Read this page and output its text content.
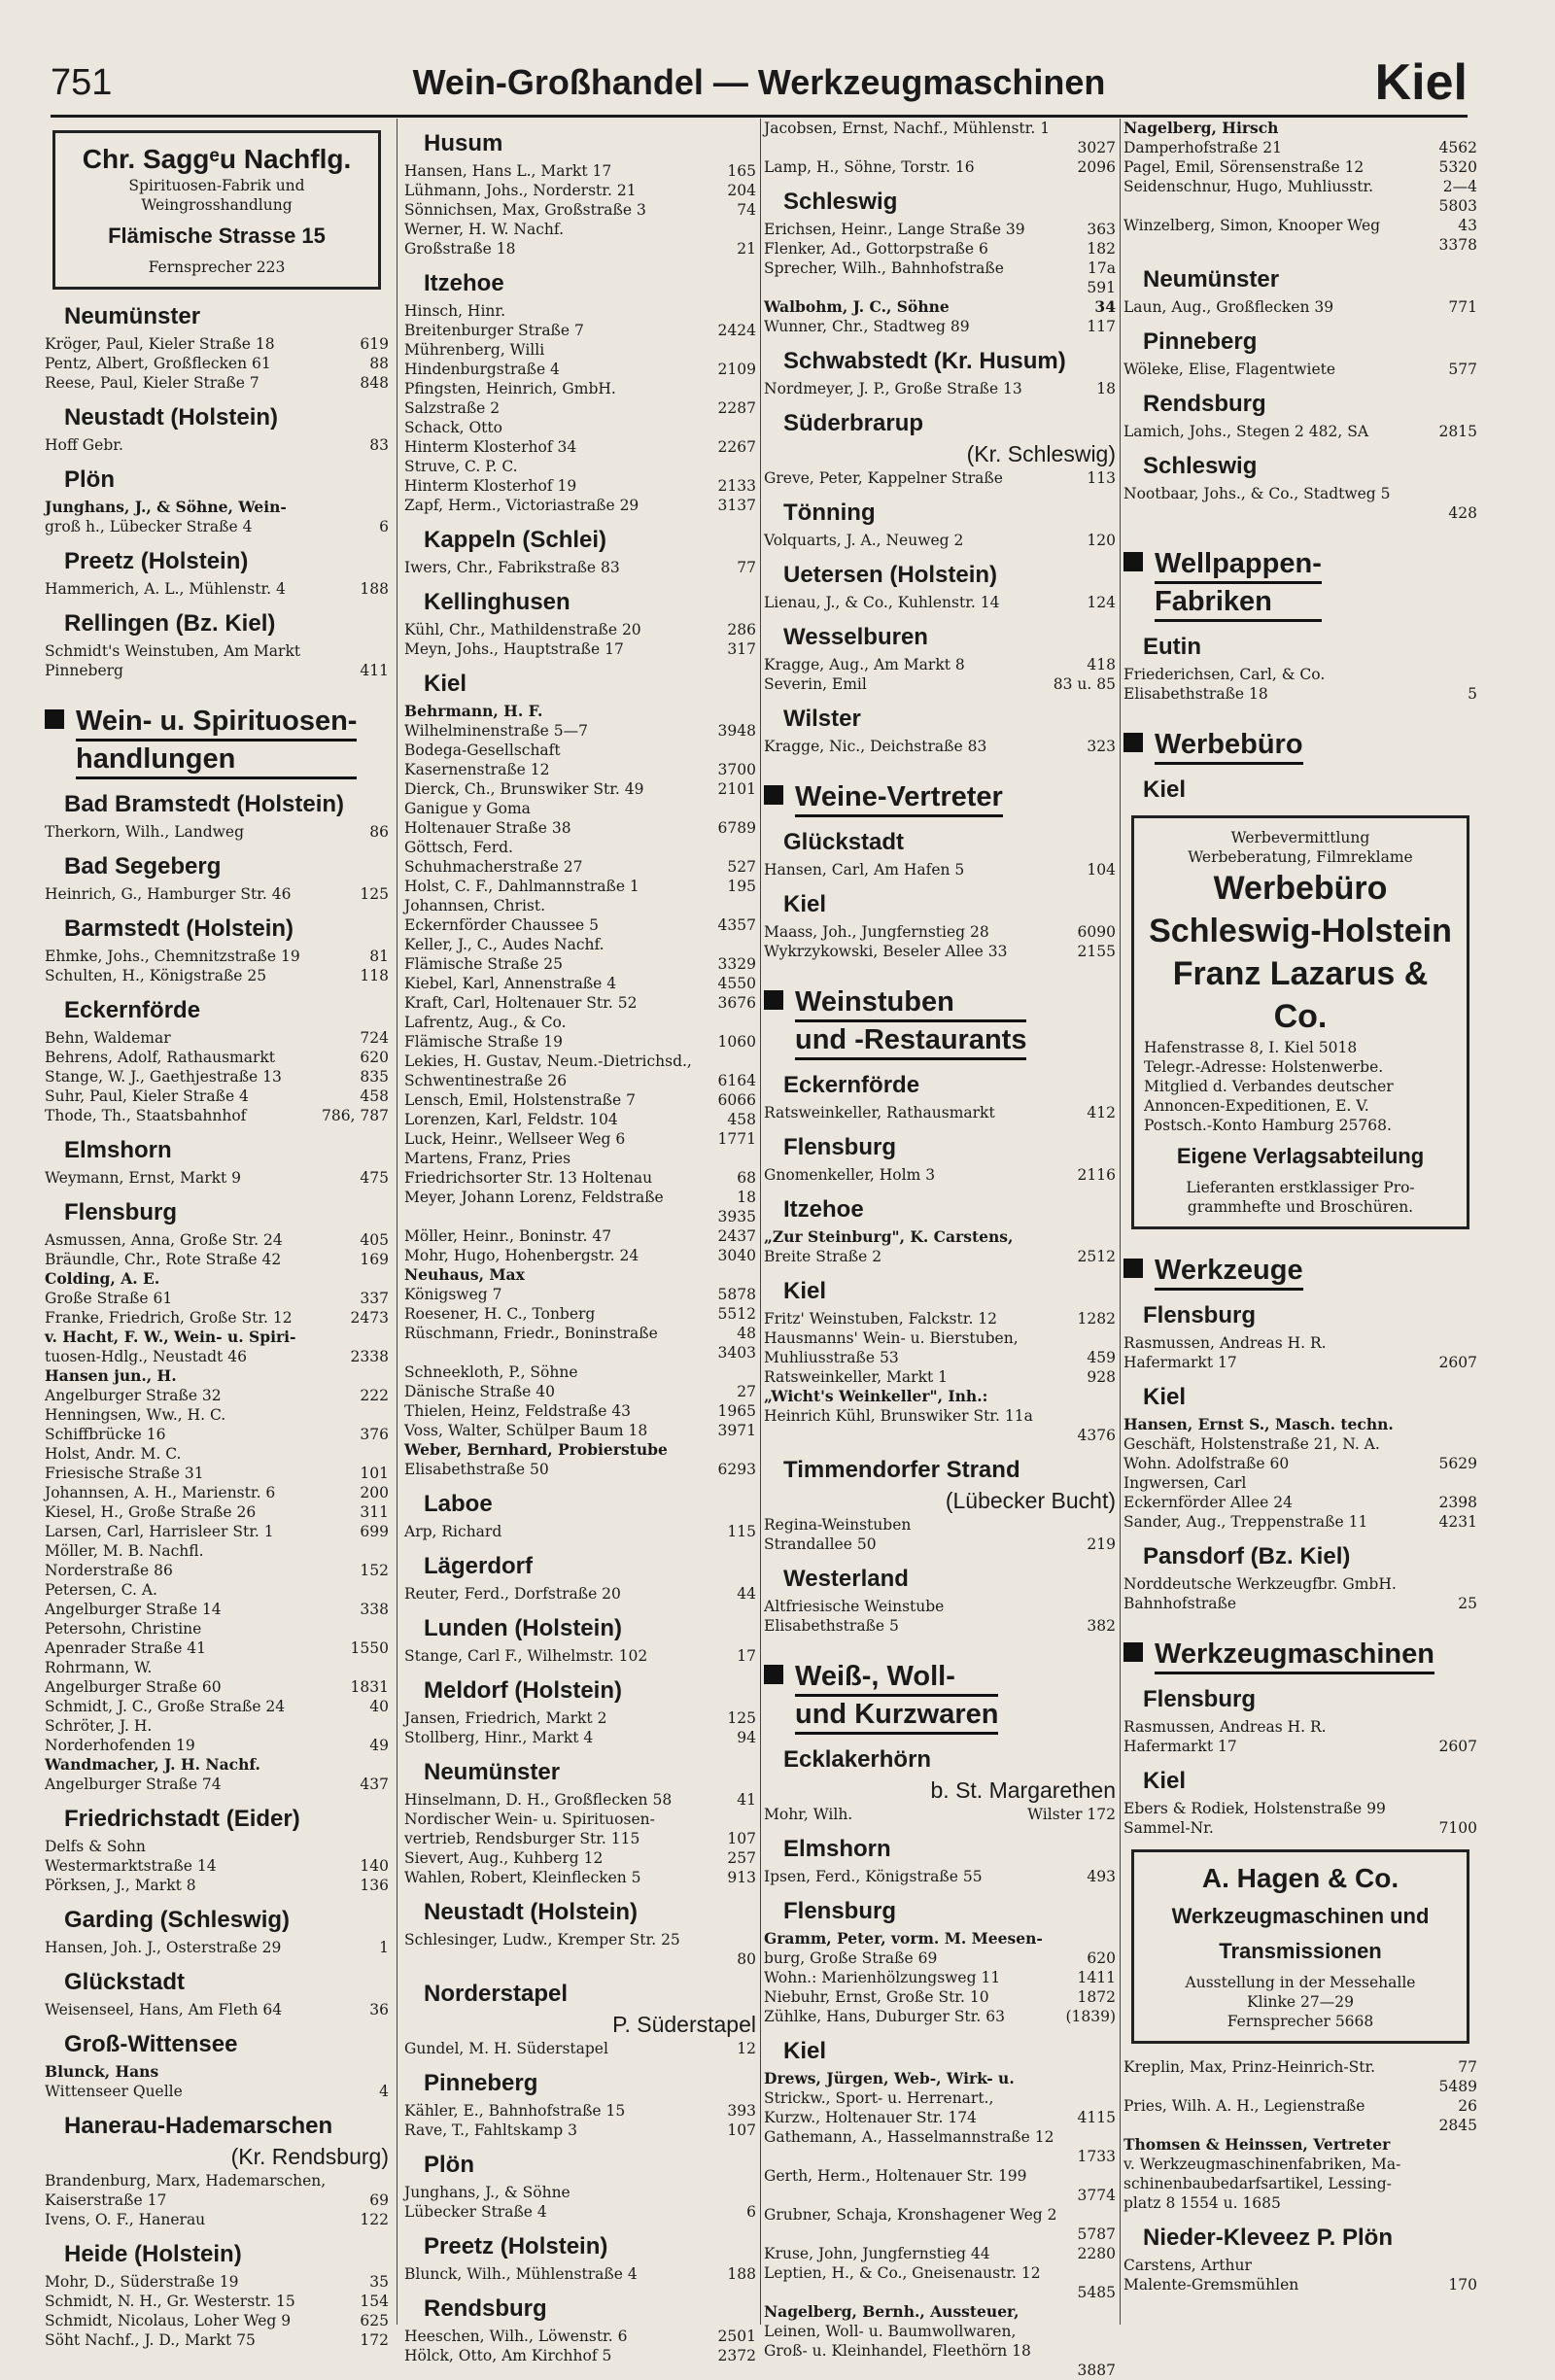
751	Wein-Großhandel — Werkzeugmaschinen	Kiel
Chr. Saggᵉu Nachflg.
Spirituosen-Fabrik und
Weingrosshandlung
Flämische Strasse 15
Fernsprecher 223
Neumünster
Kröger, Paul, Kieler Straße 18	619
Pentz, Albert, Großflecken 61	88
Reese, Paul, Kieler Straße 7	848
Neustadt (Holstein)
Hoff Gebr.	83
Plön
Junghans, J., & Söhne, Wein-
groß h., Lübecker Straße 4	6
Preetz (Holstein)
Hammerich, A. L., Mühlenstr. 4	188
Rellingen (Bz. Kiel)
Schmidt's Weinstuben, Am Markt
Pinneberg	411
Wein- u. Spirituosen-
handlungen
Bad Bramstedt (Holstein)
Therkorn, Wilh., Landweg	86
Bad Segeberg
Heinrich, G., Hamburger Str. 46	125
Barmstedt (Holstein)
Ehmke, Johs., Chemnitzstraße 19	81
Schulten, H., Königstraße 25	118
Eckernförde
Behn, Waldemar	724
Behrens, Adolf, Rathausmarkt	620
Stange, W. J., Gaethjestraße 13	835
Suhr, Paul, Kieler Straße 4	458
Thode, Th., Staatsbahnhof	786, 787
Elmshorn
Weymann, Ernst, Markt 9	475
Flensburg
Asmussen, Anna, Große Str. 24	405
Bräundle, Chr., Rote Straße 42	169
Colding, A. E.
Große Straße 61	337
Franke, Friedrich, Große Str. 12	2473
v. Hacht, F. W., Wein- u. Spiri-
tuosen-Hdlg., Neustadt 46	2338
Hansen jun., H.
Angelburger Straße 32	222
Henningsen, Ww., H. C.
Schiffbrücke 16	376
Holst, Andr. M. C.
Friesische Straße 31	101
Johannsen, A. H., Marienstr. 6	200
Kiesel, H., Große Straße 26	311
Larsen, Carl, Harrisleer Str. 1	699
Möller, M. B. Nachfl.
Norderstraße 86	152
Petersen, C. A.
Angelburger Straße 14	338
Petersohn, Christine
Apenrader Straße 41	1550
Rohrmann, W.
Angelburger Straße 60	1831
Schmidt, J. C., Große Straße 24	40
Schröter, J. H.
Norderhofenden 19	49
Wandmacher, J. H. Nachf.
Angelburger Straße 74	437
Friedrichstadt (Eider)
Delfs & Sohn
Westermarktstraße 14	140
Pörksen, J., Markt 8	136
Garding (Schleswig)
Hansen, Joh. J., Osterstraße 29	1
Glückstadt
Weisenseel, Hans, Am Fleth 64	36
Groß-Wittensee
Blunck, Hans
Wittenseer Quelle	4
Hanerau-Hademarschen
(Kr. Rendsburg)
Brandenburg, Marx, Hademarschen,
Kaiserstraße 17	69
Ivens, O. F., Hanerau	122
Heide (Holstein)
Mohr, D., Süderstraße 19	35
Schmidt, N. H., Gr. Westerstr. 15	154
Schmidt, Nicolaus, Loher Weg 9	625
Söht Nachf., J. D., Markt 75	172
Husum
Hansen, Hans L., Markt 17	165
Lühmann, Johs., Norderstr. 21	204
Sönnichsen, Max, Großstraße 3	74
Werner, H. W. Nachf.
Großstraße 18	21
Itzehoe
Hinsch, Hinr.
Breitenburger Straße 7	2424
Mührenberg, Willi
Hindenburgstraße 4	2109
Pfingsten, Heinrich, GmbH.
Salzstraße 2	2287
Schack, Otto
Hinterm Klosterhof 34	2267
Struve, C. P. C.
Hinterm Klosterhof 19	2133
Zapf, Herm., Victoriastraße 29	3137
Kappeln (Schlei)
Iwers, Chr., Fabrikstraße 83	77
Kellinghusen
Kühl, Chr., Mathildenstraße 20	286
Meyn, Johs., Hauptstraße 17	317
Kiel
Behrmann, H. F.
Wilhelminenstraße 5—7	3948
Bodega-Gesellschaft
Kasernenstraße 12	3700
Dierck, Ch., Brunswiker Str. 49	2101
Ganigue y Goma
Holtenauer Straße 38	6789
Göttsch, Ferd.
Schuhmacherstraße 27	527
Holst, C. F., Dahlmannstraße 1	195
Johannsen, Christ.
Eckernförder Chaussee 5	4357
Keller, J., C., Audes Nachf.
Flämische Straße 25	3329
Kiebel, Karl, Annenstraße 4	4550
Kraft, Carl, Holtenauer Str. 52	3676
Lafrentz, Aug., & Co.
Flämische Straße 19	1060
Lekies, H. Gustav, Neum.-Dietrichsd.,
Schwentinestraße 26	6164
Lensch, Emil, Holstenstraße 7	6066
Lorenzen, Karl, Feldstr. 104	458
Luck, Heinr., Wellseer Weg 6	1771
Martens, Franz, Pries
Friedrichsorter Str. 13 Holtenau	68
Meyer, Johann Lorenz, Feldstraße	18
3935
Möller, Heinr., Boninstr. 47	2437
Mohr, Hugo, Hohenbergstr. 24	3040
Neuhaus, Max
Königsweg 7	5878
Roesener, H. C., Tonberg	5512
Rüschmann, Friedr., Boninstraße	48
3403
Schneekloth, P., Söhne
Dänische Straße 40	27
Thielen, Heinz, Feldstraße 43	1965
Voss, Walter, Schülper Baum 18	3971
Weber, Bernhard, Probierstube
Elisabethstraße 50	6293
Laboe
Arp, Richard	115
Lägerdorf
Reuter, Ferd., Dorfstraße 20	44
Lunden (Holstein)
Stange, Carl F., Wilhelmstr. 102	17
Meldorf (Holstein)
Jansen, Friedrich, Markt 2	125
Stollberg, Hinr., Markt 4	94
Neumünster
Hinselmann, D. H., Großflecken 58	41
Nordischer Wein- u. Spirituosen-
vertrieb, Rendsburger Str. 115	107
Sievert, Aug., Kuhberg 12	257
Wahlen, Robert, Kleinflecken 5	913
Neustadt (Holstein)
Schlesinger, Ludw., Kremper Str. 25
80
Norderstapel
P. Süderstapel
Gundel, M. H. Süderstapel	12
Pinneberg
Kähler, E., Bahnhofstraße 15	393
Rave, T., Fahltskamp 3	107
Plön
Junghans, J., & Söhne
Lübecker Straße 4	6
Preetz (Holstein)
Blunck, Wilh., Mühlenstraße 4	188
Rendsburg
Heeschen, Wilh., Löwenstr. 6	2501
Hölck, Otto, Am Kirchhof 5	2372
Jacobsen, Ernst, Nachf., Mühlenstr. 1
3027
Lamp, H., Söhne, Torstr. 16	2096
Schleswig
Erichsen, Heinr., Lange Straße 39	363
Flenker, Ad., Gottorpstraße 6	182
Sprecher, Wilh., Bahnhofstraße	17a
591
Walbohm, J. C., Söhne	34
Wunner, Chr., Stadtweg 89	117
Schwabstedt (Kr. Husum)
Nordmeyer, J. P., Große Straße 13	18
Süderbrarup
(Kr. Schleswig)
Greve, Peter, Kappelner Straße	113
Tönning
Volquarts, J. A., Neuweg 2	120
Uetersen (Holstein)
Lienau, J., & Co., Kuhlenstr. 14	124
Wesselburen
Kragge, Aug., Am Markt 8	418
Severin, Emil	83 u. 85
Wilster
Kragge, Nic., Deichstraße 83	323
Weine-Vertreter
Glückstadt
Hansen, Carl, Am Hafen 5	104
Kiel
Maass, Joh., Jungfernstieg 28	6090
Wykrzykowski, Beseler Allee 33	2155
Weinstuben
und -Restaurants
Eckernförde
Ratsweinkeller, Rathausmarkt	412
Flensburg
Gnomenkeller, Holm 3	2116
Itzehoe
„Zur Steinburg", K. Carstens,
Breite Straße 2	2512
Kiel
Fritz' Weinstuben, Falckstr. 12	1282
Hausmanns' Wein- u. Bierstuben,
Muhliusstraße 53	459
Ratsweinkeller, Markt 1	928
„Wicht's Weinkeller", Inh.:
Heinrich Kühl, Brunswiker Str. 11a
4376
Timmendorfer Strand
(Lübecker Bucht)
Regina-Weinstuben
Strandallee 50	219
Westerland
Altfriesische Weinstube
Elisabethstraße 5	382
Weiß-, Woll-
und Kurzwaren
Ecklakerhörn
b. St. Margarethen
Mohr, Wilh.	Wilster 172
Elmshorn
Ipsen, Ferd., Königstraße 55	493
Flensburg
Gramm, Peter, vorm. M. Meesen-
burg, Große Straße 69	620
Wohn.: Marienhölzungsweg 11	1411
Niebuhr, Ernst, Große Str. 10	1872
Zühlke, Hans, Duburger Str. 63	(1839)
Kiel
Drews, Jürgen, Web-, Wirk- u.
Strickw., Sport- u. Herrenart.,
Kurzw., Holtenauer Str. 174	4115
Gathemann, A., Hasselmannstraße 12
1733
Gerth, Herm., Holtenauer Str. 199
3774
Grubner, Schaja, Kronshagener Weg 2
5787
Kruse, John, Jungfernstieg 44	2280
Leptien, H., & Co., Gneisenaustr. 12
5485
Nagelberg, Bernh., Aussteuer,
Leinen, Woll- u. Baumwollwaren,
Groß- u. Kleinhandel, Fleethörn 18
3887
Nagelberg, Hirsch
Damperhofstraße 21	4562
Pagel, Emil, Sörensenstraße 12	5320
Seidenschnur, Hugo, Muhliusstr.	2—4
5803
Winzelberg, Simon, Knooper Weg	43
3378
Neumünster
Laun, Aug., Großflecken 39	771
Pinneberg
Wöleke, Elise, Flagentwiete	577
Rendsburg
Lamich, Johs., Stegen 2 482, SA	2815
Schleswig
Nootbaar, Johs., & Co., Stadtweg 5
428
Wellpappen-
Fabriken
Eutin
Friederichsen, Carl, & Co.
Elisabethstraße 18	5
Werbebüro
Kiel
Werbevermittlung
Werbeberatung, Filmreklame
Werbebüro
Schleswig-Holstein
Franz Lazarus & Co.
Hafenstrasse 8, I. Kiel 5018
Telegr.-Adresse: Holstenwerbe.
Mitglied d. Verbandes deutscher
Annoncen-Expeditionen, E. V.
Postsch.-Konto Hamburg 25768.
Eigene Verlagsabteilung
Lieferanten erstklassiger Pro-
grammhefte und Broschüren.
Werkzeuge
Flensburg
Rasmussen, Andreas H. R.
Hafermarkt 17	2607
Kiel
Hansen, Ernst S., Masch. techn.
Geschäft, Holstenstraße 21, N. A.
Wohn. Adolfstraße 60	5629
Ingwersen, Carl
Eckernförder Allee 24	2398
Sander, Aug., Treppenstraße 11	4231
Pansdorf (Bz. Kiel)
Norddeutsche Werkzeugfbr. GmbH.
Bahnhofstraße	25
Werkzeugmaschinen
Flensburg
Rasmussen, Andreas H. R.
Hafermarkt 17	2607
Kiel
Ebers & Rodiek, Holstenstraße 99
Sammel-Nr.	7100
A. Hagen & Co.
Werkzeugmaschinen und
Transmissionen
Ausstellung in der Messehalle
Klinke 27—29
Fernsprecher 5668
Kreplin, Max, Prinz-Heinrich-Str.	77
5489
Pries, Wilh. A. H., Legienstraße	26
2845
Thomsen & Heinssen, Vertreter
v. Werkzeugmaschinenfabriken, Ma-
schinenbaubedarfsartikel, Lessing-
platz 8 1554 u. 1685
Nieder-Kleveez P. Plön
Carstens, Arthur
Malente-Gremsmühlen	170
